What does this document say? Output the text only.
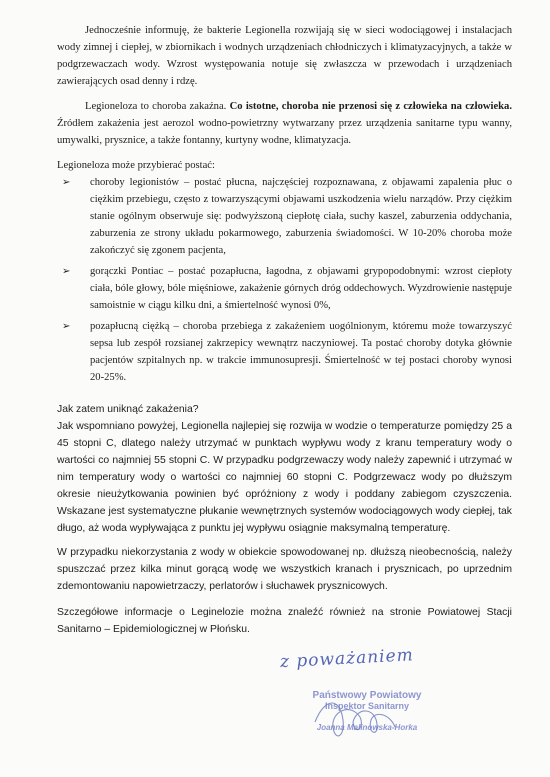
Jednocześnie informuję, że bakterie Legionella rozwijają się w sieci wodociągowej i instalacjach wody zimnej i ciepłej, w zbiornikach i wodnych urządzeniach chłodniczych i klimatyzacyjnych, a także w podgrzewaczach wody. Wzrost występowania notuje się zwłaszcza w przewodach i urządzeniach zawierających osad denny i rdzę.

Legioneloza to choroba zakaźna. Co istotne, choroba nie przenosi się z człowieka na człowieka. Źródłem zakażenia jest aerozol wodno-powietrzny wytwarzany przez urządzenia sanitarne typu wanny, umywalki, prysznice, a także fontanny, kurtyny wodne, klimatyzacja.

Legioneloza może przybierać postać:

➢ choroby legionistów – postać płucna, najczęściej rozpoznawana, z objawami zapalenia płuc o ciężkim przebiegu, często z towarzyszącymi objawami uszkodzenia wielu narządów. Przy ciężkim stanie ogólnym obserwuje się: podwyższoną ciepłotę ciała, suchy kaszel, zaburzenia oddychania, zaburzenia ze strony układu pokarmowego, zaburzenia świadomości. W 10-20% choroba może zakończyć się zgonem pacjenta,
➢ gorączki Pontiac – postać pozapłucna, łagodna, z objawami grypopodobnymi: wzrost ciepłoty ciała, bóle głowy, bóle mięśniowe, zakażenie górnych dróg oddechowych. Wyzdrowienie następuje samoistnie w ciągu kilku dni, a śmiertelność wynosi 0%,
➢ pozapłucną ciężką – choroba przebiega z zakażeniem uogólnionym, któremu może towarzyszyć sepsa lub zespół rozsianej zakrzepicy wewnątrz naczyniowej. Ta postać choroby dotyka głównie pacjentów szpitalnych np. w trakcie immunosupresji. Śmiertelność w tej postaci choroby wynosi 20-25%.

Jak zatem uniknąć zakażenia?

Jak wspomniano powyżej, Legionella najlepiej się rozwija w wodzie o temperaturze pomiędzy 25 a 45 stopni C, dlatego należy utrzymać w punktach wypływu wody z kranu temperatury wody o wartości co najmniej 55 stopni C. W przypadku podgrzewaczy wody należy zapewnić i utrzymać w nim temperatury wody o wartości co najmniej 60 stopni C. Podgrzewacz wody po dłuższym okresie nieużytkowania powinien być opróżniony z wody i poddany zabiegom czyszczenia. Wskazane jest systematyczne płukanie wewnętrznych systemów wodociągowych wody ciepłej, tak długo, aż woda wypływająca z punktu jej wypływu osiągnie maksymalną temperaturę.

W przypadku niekorzystania z wody w obiekcie spowodowanej np. dłuższą nieobecnością, należy spuszczać przez kilka minut gorącą wodę we wszystkich kranach i prysznicach, po uprzednim zdemontowaniu napowietrzaczy, perlatorów i słuchawek prysznicowych.

Szczegółowe informacje o Leginelozie można znaleźć również na stronie Powiatowej Stacji Sanitarno – Epidemiologicznej w Płońsku.

z poważaniem
Państwowy Powiatowy
Inspektor Sanitarny
Joanna Malinowska-Horka
